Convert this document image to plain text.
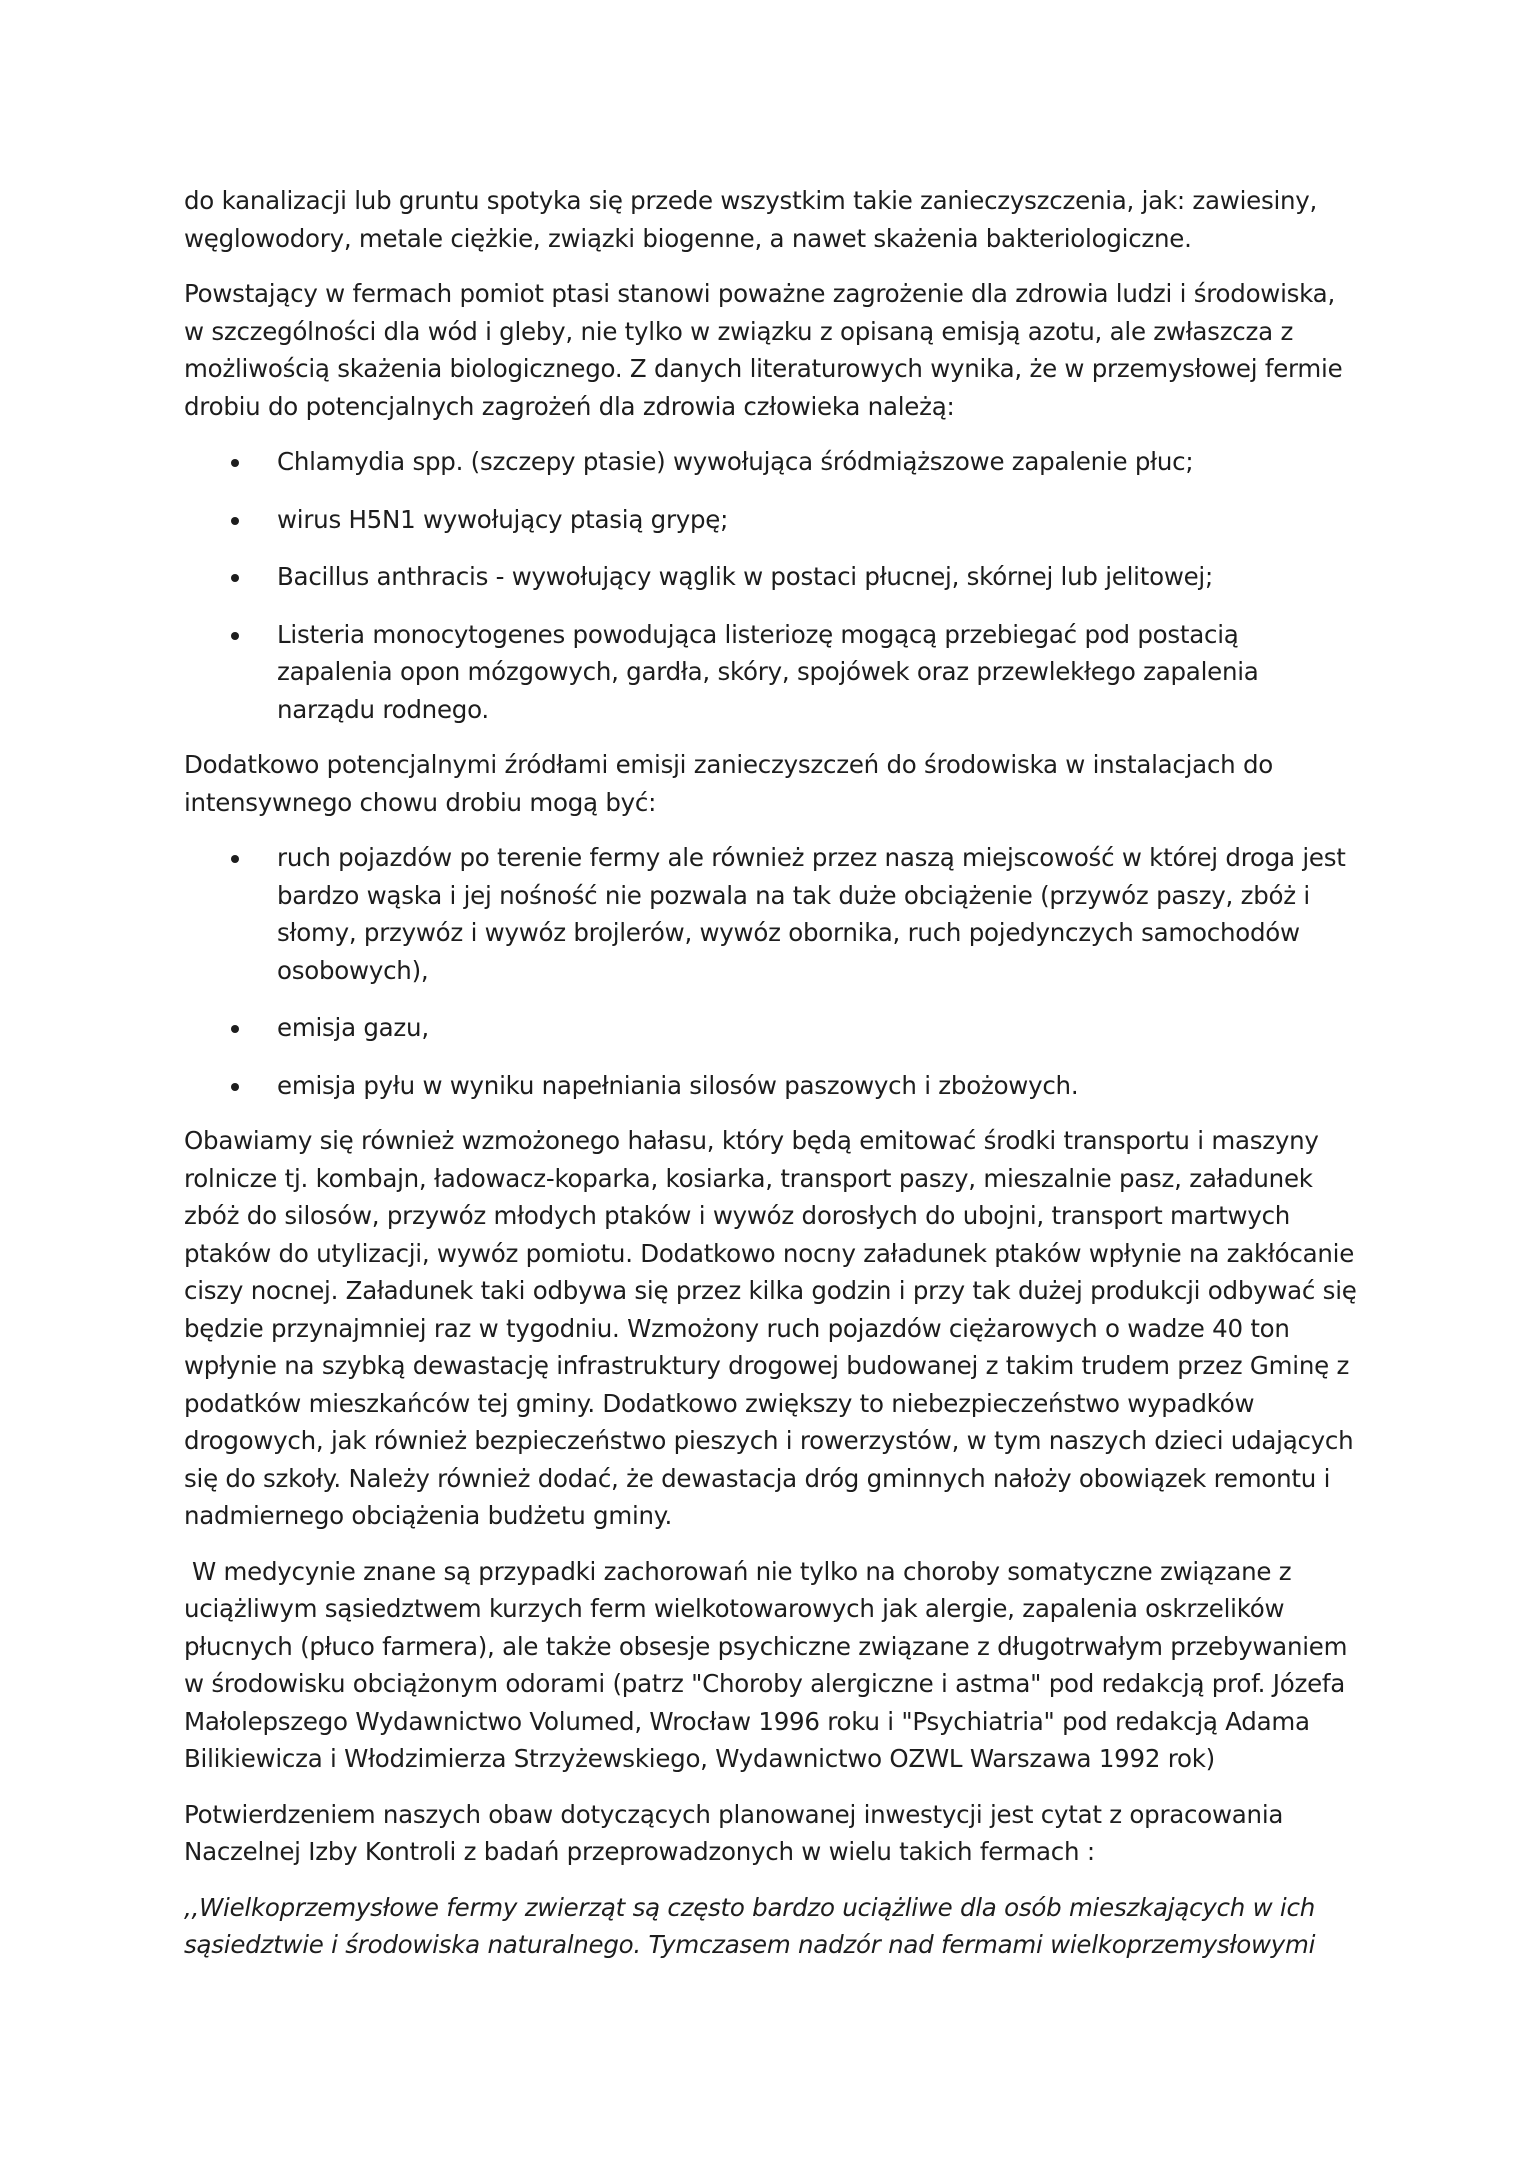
do kanalizacji lub gruntu spotyka się przede wszystkim takie zanieczyszczenia, jak: zawiesiny, węglowodory, metale ciężkie, związki biogenne, a nawet skażenia bakteriologiczne.

Powstający w fermach pomiot ptasi stanowi poważne zagrożenie dla zdrowia ludzi i środowiska, w szczególności dla wód i gleby, nie tylko w związku z opisaną emisją azotu, ale zwłaszcza z możliwością skażenia biologicznego. Z danych literaturowych wynika, że w przemysłowej fermie drobiu do potencjalnych zagrożeń dla zdrowia człowieka należą:

Chlamydia spp. (szczepy ptasie) wywołująca śródmiąższowe zapalenie płuc;
wirus H5N1 wywołujący ptasią grypę;
Bacillus anthracis - wywołujący wąglik w postaci płucnej, skórnej lub jelitowej;
Listeria monocytogenes powodująca listeriozę mogącą przebiegać pod postacią zapalenia opon mózgowych, gardła, skóry, spojówek oraz przewlekłego zapalenia narządu rodnego.

Dodatkowo potencjalnymi źródłami emisji zanieczyszczeń do środowiska w instalacjach do intensywnego chowu drobiu mogą być:

ruch pojazdów po terenie fermy ale również przez naszą miejscowość w której droga jest bardzo wąska i jej nośność nie pozwala na tak duże obciążenie (przywóz paszy, zbóż i słomy, przywóz i wywóz brojlerów, wywóz obornika, ruch pojedynczych samochodów osobowych),
emisja gazu,
emisja pyłu w wyniku napełniania silosów paszowych i zbożowych.

Obawiamy się również wzmożonego hałasu, który będą emitować środki transportu i maszyny rolnicze tj. kombajn, ładowacz-koparka, kosiarka, transport paszy, mieszalnie pasz, załadunek zbóż do silosów, przywóz młodych ptaków i wywóz dorosłych do ubojni, transport martwych ptaków do utylizacji, wywóz pomiotu. Dodatkowo nocny załadunek ptaków wpłynie na zakłócanie ciszy nocnej. Załadunek taki odbywa się przez kilka godzin i przy tak dużej produkcji odbywać się będzie przynajmniej raz w tygodniu. Wzmożony ruch pojazdów ciężarowych o wadze 40 ton wpłynie na szybką dewastację infrastruktury drogowej budowanej z takim trudem przez Gminę z podatków mieszkańców tej gminy. Dodatkowo zwiększy to niebezpieczeństwo wypadków drogowych, jak również bezpieczeństwo pieszych i rowerzystów, w tym naszych dzieci udających się do szkoły. Należy również dodać, że dewastacja dróg gminnych nałoży obowiązek remontu i nadmiernego obciążenia budżetu gminy.

W medycynie znane są przypadki zachorowań nie tylko na choroby somatyczne związane z uciążliwym sąsiedztwem kurzych ferm wielkotowarowych jak alergie, zapalenia oskrzelików płucnych (płuco farmera), ale także obsesje psychiczne związane z długotrwałym przebywaniem w środowisku obciążonym odorami (patrz "Choroby alergiczne i astma" pod redakcją prof. Józefa Małolepszego Wydawnictwo Volumed, Wrocław 1996 roku i "Psychiatria" pod redakcją Adama Bilikiewicza i Włodzimierza Strzyżewskiego, Wydawnictwo OZWL Warszawa 1992 rok)

Potwierdzeniem naszych obaw dotyczących planowanej inwestycji jest cytat z opracowania Naczelnej Izby Kontroli z badań przeprowadzonych w wielu takich fermach :

,,Wielkoprzemysłowe fermy zwierząt są często bardzo uciążliwe dla osób mieszkających w ich sąsiedztwie i środowiska naturalnego. Tymczasem nadzór nad fermami wielkoprzemysłowymi
